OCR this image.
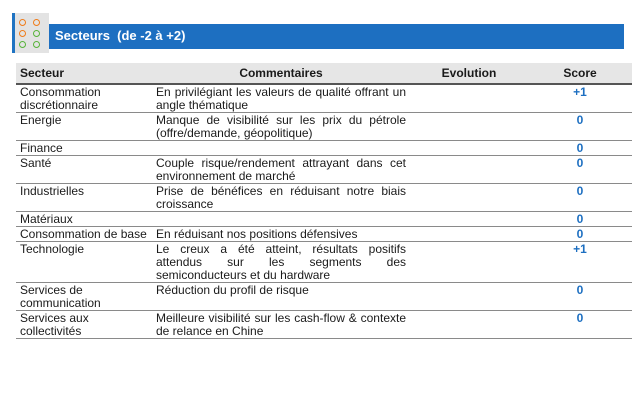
Secteurs  (de -2 à +2)
Secteur	Commentaires	Evolution	Score
Consommation discrétionnaire	En privilégiant les valeurs de qualité offrant un angle thématique		+1
Energie	Manque de visibilité sur les prix du pétrole (offre/demande, géopolitique)		0
Finance			0
Santé	Couple risque/rendement attrayant dans cet environnement de marché		0
Industrielles	Prise de bénéfices en réduisant notre biais croissance		0
Matériaux			0
Consommation de base	En réduisant nos positions défensives		0
Technologie	Le creux a été atteint, résultats positifs attendus sur les segments des semiconducteurs et du hardware		+1
Services de communication	Réduction du profil de risque		0
Services aux collectivités	Meilleure visibilité sur les cash-flow & contexte de relance en Chine		0
